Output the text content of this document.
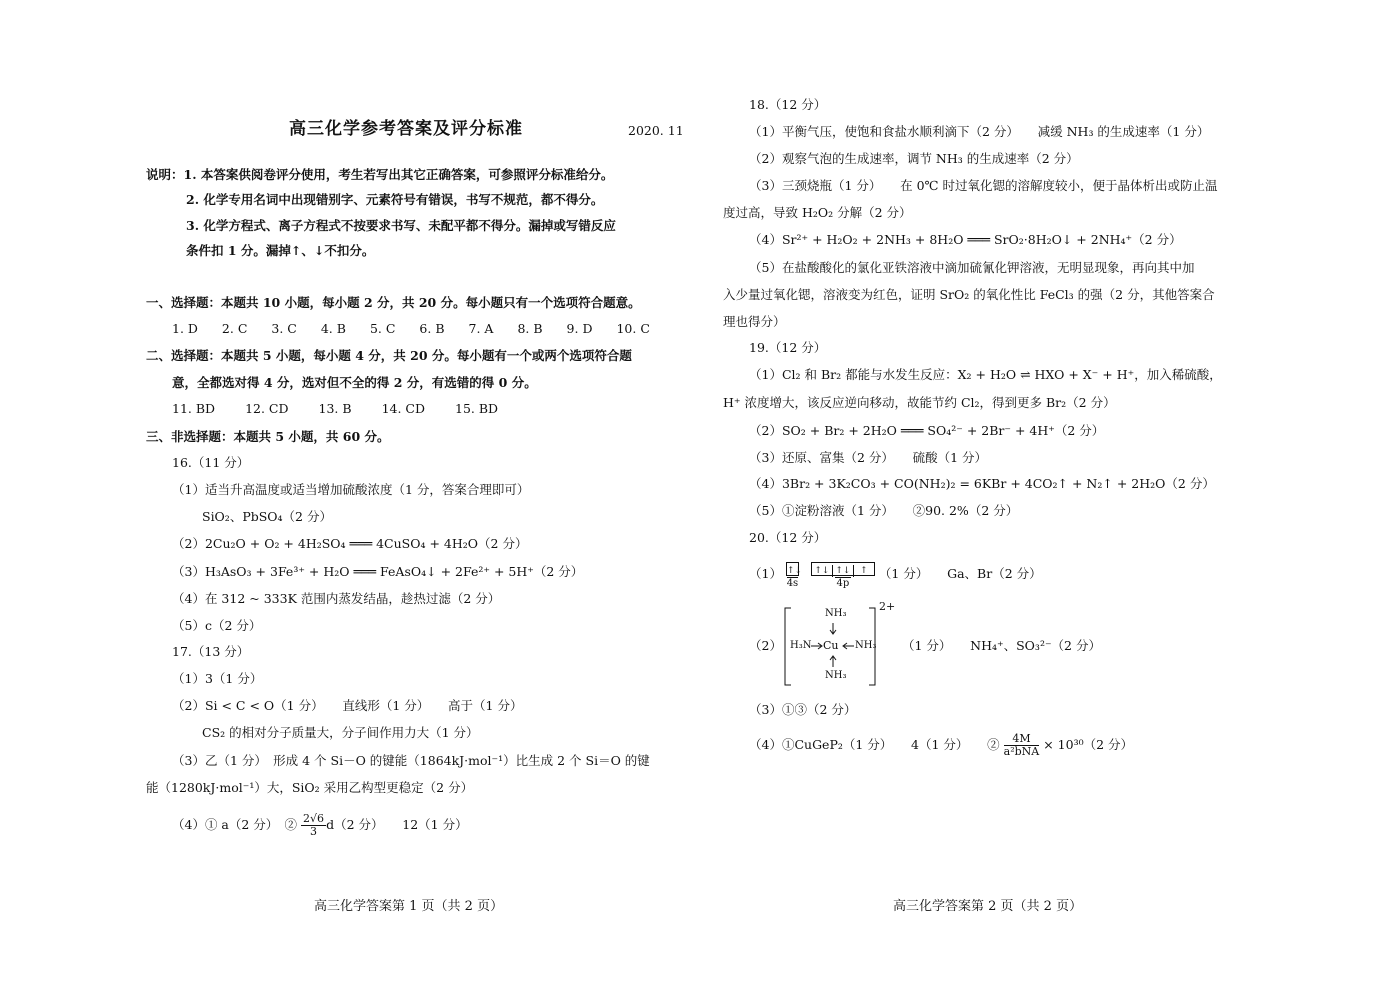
高三化学参考答案及评分标准	2020. 11
说明：1. 本答案供阅卷评分使用，考生若写出其它正确答案，可参照评分标准给分。
2. 化学专用名词中出现错别字、元素符号有错误，书写不规范，都不得分。
3. 化学方程式、离子方程式不按要求书写、未配平都不得分。漏掉或写错反应
条件扣 1 分。漏掉↑、↓不扣分。
一、选择题：本题共 10 小题，每小题 2 分，共 20 分。每小题只有一个选项符合题意。
1. D 2. C 3. C 4. B 5. C 6. B 7. A 8. B 9. D 10. C
二、选择题：本题共 5 小题，每小题 4 分，共 20 分。每小题有一个或两个选项符合题
意，全都选对得 4 分，选对但不全的得 2 分，有选错的得 0 分。
11. BD 12. CD 13. B 14. CD 15. BD
三、非选择题：本题共 5 小题，共 60 分。
16.（11 分）
（1）适当升高温度或适当增加硫酸浓度（1 分，答案合理即可）
SiO₂、PbSO₄（2 分）
（2）2Cu₂O + O₂ + 4H₂SO₄ ═══ 4CuSO₄ + 4H₂O（2 分）
（3）H₃AsO₃ + 3Fe³⁺ + H₂O ═══ FeAsO₄↓ + 2Fe²⁺ + 5H⁺（2 分）
（4）在 312 ~ 333K 范围内蒸发结晶，趁热过滤（2 分）
（5）c（2 分）
17.（13 分）
（1）3（1 分）
（2）Si < C < O（1 分）　　直线形（1 分）　　高于（1 分）
CS₂ 的相对分子质量大，分子间作用力大（1 分）
（3）乙（1 分）　形成 4 个 Si－O 的键能（1864kJ·mol⁻¹）比生成 2 个 Si＝O 的键
能（1280kJ·mol⁻¹）大，SiO₂ 采用乙构型更稳定（2 分）
（4）① a（2 分）　② $\frac{2√6}{3} d(2$ 分）　　12（1 分）
高三化学答案第 1 页（共 2 页）
18.（12 分）
（1）平衡气压，使饱和食盐水顺利滴下（2 分）　　减缓 NH₃ 的生成速率（1 分）
（2）观察气泡的生成速率，调节 NH₃ 的生成速率（2 分）
（3）三颈烧瓶（1 分）　　在 0℃ 时过氧化锶的溶解度较小，便于晶体析出或防止温
度过高，导致 H₂O₂ 分解（2 分）
（4）Sr²⁺ + H₂O₂ + 2NH₃ + 8H₂O ═══ SrO₂·8H₂O↓ + 2NH₄⁺（2 分）
（5）在盐酸酸化的氯化亚铁溶液中滴加硫氰化钾溶液，无明显现象，再向其中加
入少量过氧化锶，溶液变为红色，证明 SrO₂ 的氧化性比 FeCl₃ 的强（2 分，其他答案合
理也得分）
19.（12 分）
（1）Cl₂ 和 Br₂ 都能与水发生反应：X₂ + H₂O ⇌ HXO + X⁻ + H⁺，加入稀硫酸，
H⁺ 浓度增大，该反应逆向移动，故能节约 Cl₂，得到更多 Br₂（2 分）
（2）SO₂ + Br₂ + 2H₂O ═══ SO₄²⁻ + 2Br⁻ + 4H⁺（2 分）
（3）还原、富集（2 分）　　硫酸（1 分）
（4）3Br₂ + 3K₂CO₃ + CO(NH₂)₂ = 6KBr + 4CO₂↑ + N₂↑ + 2H₂O（2 分）
（5）①淀粉溶液（1 分）　　②90. 2%（2 分）
20.（12 分）
（1） ↑↓
4s↑↓ ↑↓ ↑
4p （1 分）　　Ga、Br（2 分）
（2）
NH₃
H₃N Cu NH₃
NH₃
2+
（1 分）　　NH₄⁺、SO₃²⁻（2 分）
（3）①③（2 分）
（4）①CuGeP₂（1 分）　　4（1 分）　　② $\frac{4M}{\text{a²bNA}} \times 10^{30}(2$ 分）
高三化学答案第 2 页（共 2 页）
